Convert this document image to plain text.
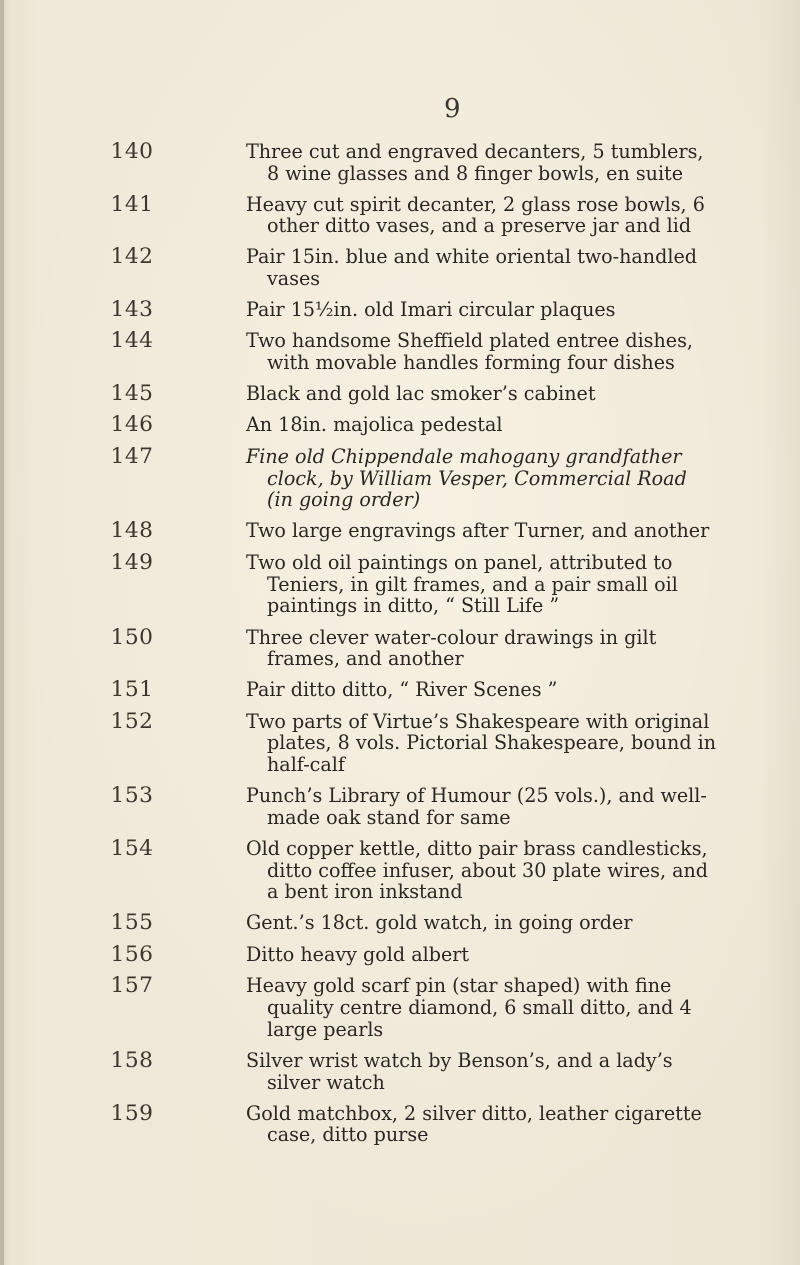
9
140	Three cut and engraved decanters, 5 tumblers, 8 wine glasses and 8 finger bowls, en suite
141	Heavy cut spirit decanter, 2 glass rose bowls, 6 other ditto vases, and a preserve jar and lid
142	Pair 15in. blue and white oriental two-handled vases
143	Pair 15½in. old Imari circular plaques
144	Two handsome Sheffield plated entree dishes, with movable handles forming four dishes
145	Black and gold lac smoker’s cabinet
146	An 18in. majolica pedestal
147	Fine old Chippendale mahogany grandfather clock, by William Vesper, Commercial Road (in going order)
148	Two large engravings after Turner, and another
149	Two old oil paintings on panel, attributed to Teniers, in gilt frames, and a pair small oil paintings in ditto, “ Still Life ”
150	Three clever water-colour drawings in gilt frames, and another
151	Pair ditto ditto, “ River Scenes ”
152	Two parts of Virtue’s Shakespeare with original plates, 8 vols. Pictorial Shakespeare, bound in half-calf
153	Punch’s Library of Humour (25 vols.), and well-made oak stand for same
154	Old copper kettle, ditto pair brass candlesticks, ditto coffee infuser, about 30 plate wires, and a bent iron inkstand
155	Gent.’s 18ct. gold watch, in going order
156	Ditto heavy gold albert
157	Heavy gold scarf pin (star shaped) with fine quality centre diamond, 6 small ditto, and 4 large pearls
158	Silver wrist watch by Benson’s, and a lady’s silver watch
159	Gold matchbox, 2 silver ditto, leather cigarette case, ditto purse
